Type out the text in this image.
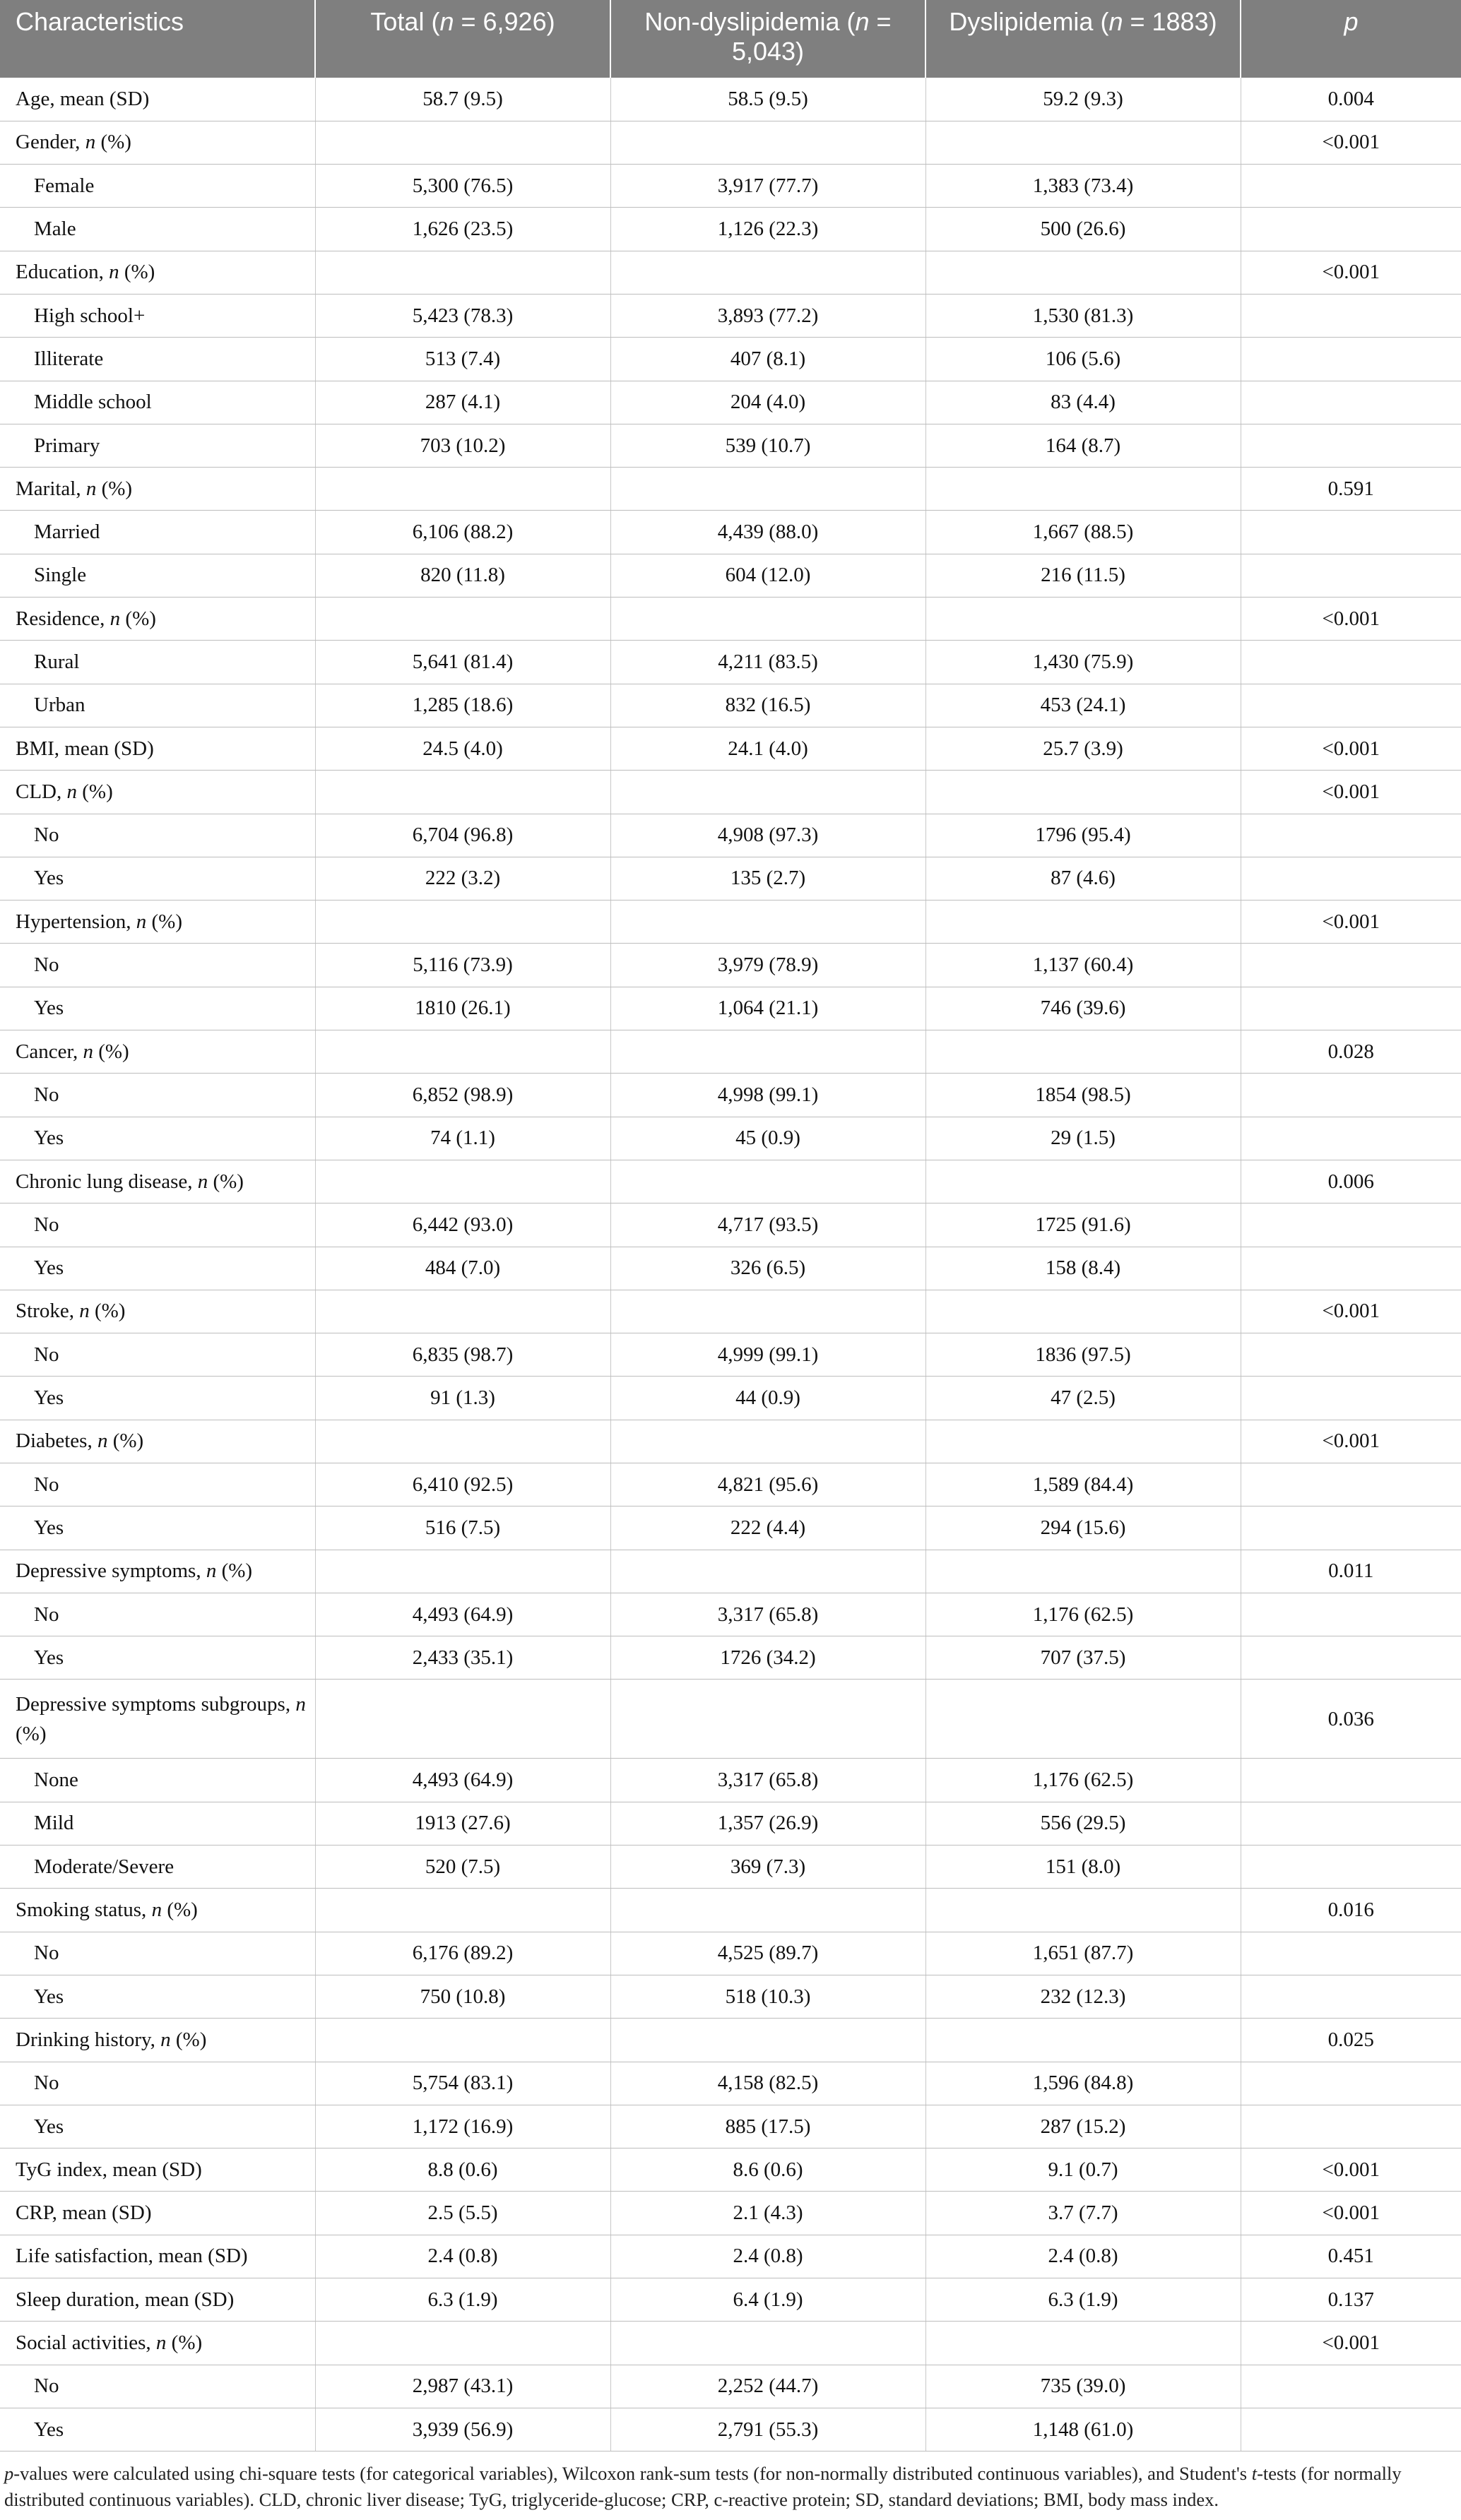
Characteristics	Total (n = 6,926)	Non-dyslipidemia (n = 5,043)	Dyslipidemia (n = 1883)	p
Age, mean (SD)	58.7 (9.5)	58.5 (9.5)	59.2 (9.3)	0.004
Gender, n (%)				<0.001
Female	5,300 (76.5)	3,917 (77.7)	1,383 (73.4)	
Male	1,626 (23.5)	1,126 (22.3)	500 (26.6)	
Education, n (%)				<0.001
High school+	5,423 (78.3)	3,893 (77.2)	1,530 (81.3)	
Illiterate	513 (7.4)	407 (8.1)	106 (5.6)	
Middle school	287 (4.1)	204 (4.0)	83 (4.4)	
Primary	703 (10.2)	539 (10.7)	164 (8.7)	
Marital, n (%)				0.591
Married	6,106 (88.2)	4,439 (88.0)	1,667 (88.5)	
Single	820 (11.8)	604 (12.0)	216 (11.5)	
Residence, n (%)				<0.001
Rural	5,641 (81.4)	4,211 (83.5)	1,430 (75.9)	
Urban	1,285 (18.6)	832 (16.5)	453 (24.1)	
BMI, mean (SD)	24.5 (4.0)	24.1 (4.0)	25.7 (3.9)	<0.001
CLD, n (%)				<0.001
No	6,704 (96.8)	4,908 (97.3)	1796 (95.4)	
Yes	222 (3.2)	135 (2.7)	87 (4.6)	
Hypertension, n (%)				<0.001
No	5,116 (73.9)	3,979 (78.9)	1,137 (60.4)	
Yes	1810 (26.1)	1,064 (21.1)	746 (39.6)	
Cancer, n (%)				0.028
No	6,852 (98.9)	4,998 (99.1)	1854 (98.5)	
Yes	74 (1.1)	45 (0.9)	29 (1.5)	
Chronic lung disease, n (%)				0.006
No	6,442 (93.0)	4,717 (93.5)	1725 (91.6)	
Yes	484 (7.0)	326 (6.5)	158 (8.4)	
Stroke, n (%)				<0.001
No	6,835 (98.7)	4,999 (99.1)	1836 (97.5)	
Yes	91 (1.3)	44 (0.9)	47 (2.5)	
Diabetes, n (%)				<0.001
No	6,410 (92.5)	4,821 (95.6)	1,589 (84.4)	
Yes	516 (7.5)	222 (4.4)	294 (15.6)	
Depressive symptoms, n (%)				0.011
No	4,493 (64.9)	3,317 (65.8)	1,176 (62.5)	
Yes	2,433 (35.1)	1726 (34.2)	707 (37.5)	
Depressive symptoms subgroups, n (%)				0.036
None	4,493 (64.9)	3,317 (65.8)	1,176 (62.5)	
Mild	1913 (27.6)	1,357 (26.9)	556 (29.5)	
Moderate/Severe	520 (7.5)	369 (7.3)	151 (8.0)	
Smoking status, n (%)				0.016
No	6,176 (89.2)	4,525 (89.7)	1,651 (87.7)	
Yes	750 (10.8)	518 (10.3)	232 (12.3)	
Drinking history, n (%)				0.025
No	5,754 (83.1)	4,158 (82.5)	1,596 (84.8)	
Yes	1,172 (16.9)	885 (17.5)	287 (15.2)	
TyG index, mean (SD)	8.8 (0.6)	8.6 (0.6)	9.1 (0.7)	<0.001
CRP, mean (SD)	2.5 (5.5)	2.1 (4.3)	3.7 (7.7)	<0.001
Life satisfaction, mean (SD)	2.4 (0.8)	2.4 (0.8)	2.4 (0.8)	0.451
Sleep duration, mean (SD)	6.3 (1.9)	6.4 (1.9)	6.3 (1.9)	0.137
Social activities, n (%)				<0.001
No	2,987 (43.1)	2,252 (44.7)	735 (39.0)	
Yes	3,939 (56.9)	2,791 (55.3)	1,148 (61.0)	
p-values were calculated using chi-square tests (for categorical variables), Wilcoxon rank-sum tests (for non-normally distributed continuous variables), and Student's t-tests (for normally distributed continuous variables). CLD, chronic liver disease; TyG, triglyceride-glucose; CRP, c-reactive protein; SD, standard deviations; BMI, body mass index.
